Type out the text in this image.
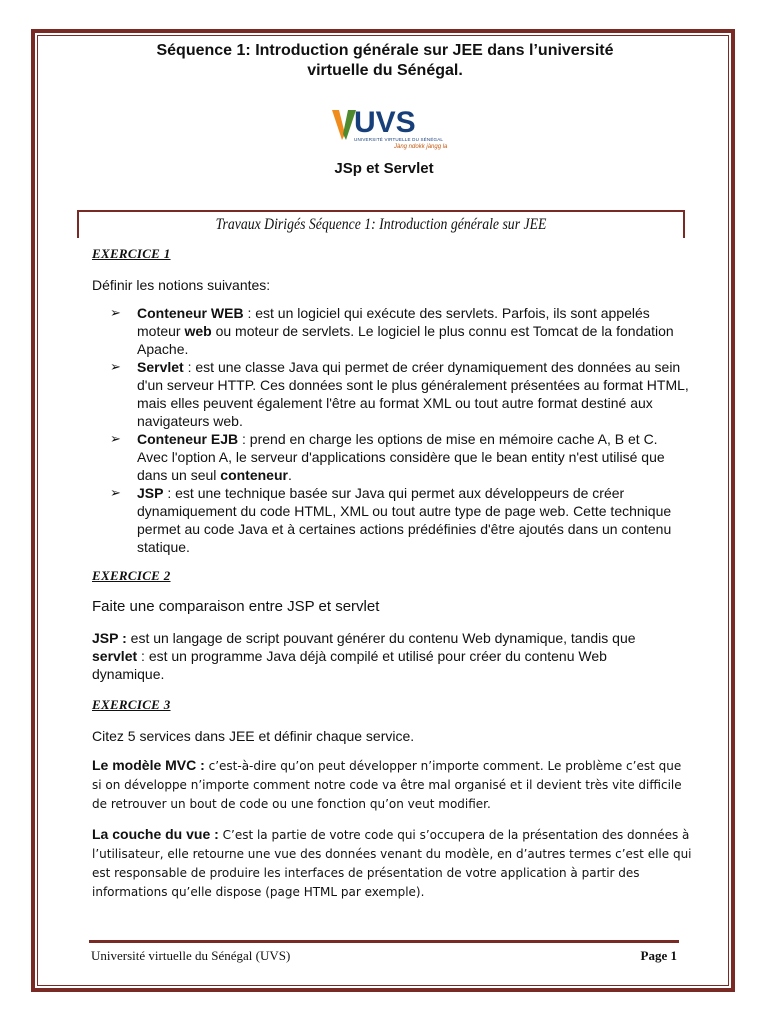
Séquence 1: Introduction générale sur JEE dans l’université
virtuelle du Sénégal.
UVS
UNIVERSITÉ VIRTUELLE DU SÉNÉGAL
Jàng ndokk jàngg la
JSp et Servlet
Travaux Dirigés Séquence 1: Introduction générale sur JEE
EXERCICE 1
Définir les notions suivantes:
➢ Conteneur WEB : est un logiciel qui exécute des servlets. Parfois, ils sont appelés moteur web ou moteur de servlets. Le logiciel le plus connu est Tomcat de la fondation Apache.
➢ Servlet : est une classe Java qui permet de créer dynamiquement des données au sein d'un serveur HTTP. Ces données sont le plus généralement présentées au format HTML, mais elles peuvent également l'être au format XML ou tout autre format destiné aux navigateurs web.
➢ Conteneur EJB : prend en charge les options de mise en mémoire cache A, B et C. Avec l'option A, le serveur d'applications considère que le bean entity n'est utilisé que dans un seul conteneur.
➢ JSP : est une technique basée sur Java qui permet aux développeurs de créer dynamiquement du code HTML, XML ou tout autre type de page web. Cette technique permet au code Java et à certaines actions prédéfinies d'être ajoutés dans un contenu statique.
EXERCICE 2
Faite une comparaison entre JSP et servlet
JSP : est un langage de script pouvant générer du contenu Web dynamique, tandis que servlet : est un programme Java déjà compilé et utilisé pour créer du contenu Web dynamique.
EXERCICE 3
Citez 5 services dans JEE et définir chaque service.
Le modèle MVC : c’est-à-dire qu’on peut développer n’importe comment. Le problème c’est que si on développe n’importe comment notre code va être mal organisé et il devient très vite difficile de retrouver un bout de code ou une fonction qu’on veut modifier.
La couche du vue : C’est la partie de votre code qui s’occupera de la présentation des données à l’utilisateur, elle retourne une vue des données venant du modèle, en d’autres termes c’est elle qui est responsable de produire les interfaces de présentation de votre application à partir des informations qu’elle dispose (page HTML par exemple).
Université virtuelle du Sénégal (UVS)	Page 1
